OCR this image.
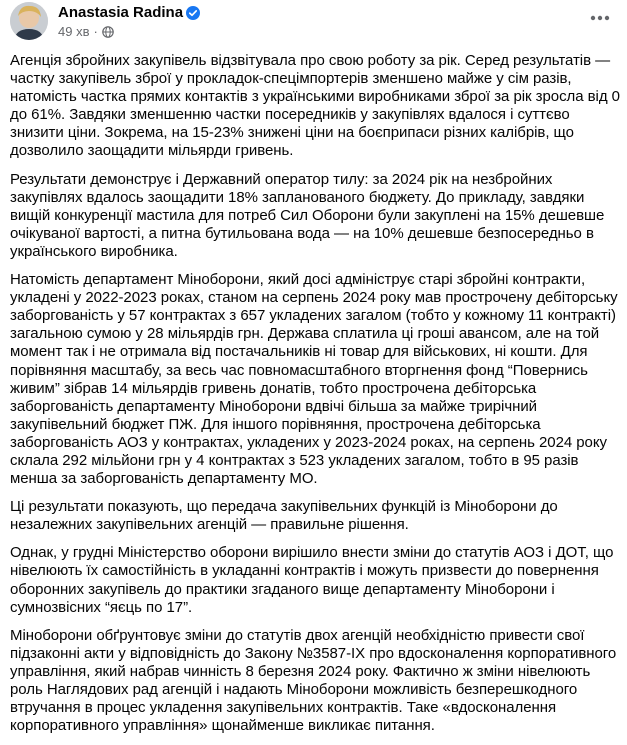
Anastasia Radina
49 хв ·

Агенція збройних закупівель відзвітувала про свою роботу за рік. Серед результатів — частку закупівель зброї у прокладок-спецімпортерів зменшено майже у сім разів, натомість частка прямих контактів з українськими виробниками зброї за рік зросла від 0 до 61%. Завдяки зменшенню частки посередників у закупівлях вдалося і суттєво знизити ціни. Зокрема, на 15-23% знижені ціни на боєприпаси різних калібрів, що дозволило заощадити мільярди гривень.

Результати демонструє і Державний оператор тилу: за 2024 рік на незбройних закупівлях вдалось заощадити 18% запланованого бюджету. До прикладу, завдяки вищій конкуренції мастила для потреб Сил Оборони були закуплені на 15% дешевше очікуваної вартості, а питна бутильована вода — на 10% дешевше безпосередньо в українського виробника.

Натомість департамент Міноборони, який досі адмініструє старі збройні контракти, укладені у 2022-2023 роках, станом на серпень 2024 року мав прострочену дебіторську заборгованість у 57 контрактах з 657 укладених загалом (тобто у кожному 11 контракті) загальною сумою у 28 мільярдів грн. Держава сплатила ці гроші авансом, але на той момент так і не отримала від постачальників ні товар для військових, ні кошти. Для порівняння масштабу, за весь час повномасштабного вторгнення фонд “Повернись живим” зібрав 14 мільярдів гривень донатів, тобто прострочена дебіторська заборгованість департаменту Міноборони вдвічі більша за майже трирічний закупівельний бюджет ПЖ. Для іншого порівняння, прострочена дебіторська заборгованість АОЗ у контрактах, укладених у 2023-2024 роках, на серпень 2024 року склала 292 мільйони грн у 4 контрактах з 523 укладених загалом, тобто в 95 разів менша за заборгованість департаменту МО.

Ці результати показують, що передача закупівельних функцій із Міноборони до незалежних закупівельних агенцій — правильне рішення.

Однак, у грудні Міністерство оборони вирішило внести зміни до статутів АОЗ і ДОТ, що нівелюють їх самостійність в укладанні контрактів і можуть призвести до повернення оборонних закупівель до практики згаданого вище департаменту Міноборони і сумнозвісних “яєць по 17”.

Міноборони обґрунтовує зміни до статутів двох агенцій необхідністю привести свої підзаконні акти у відповідність до Закону №3587-IX про вдосконалення корпоративного управління, який набрав чинність 8 березня 2024 року. Фактично ж зміни нівелюють роль Наглядових рад агенцій і надають Міноборони можливість безперешкодного втручання в процес укладення закупівельних контрактів. Таке «вдосконалення корпоративного управління» щонайменше викликає питання.
